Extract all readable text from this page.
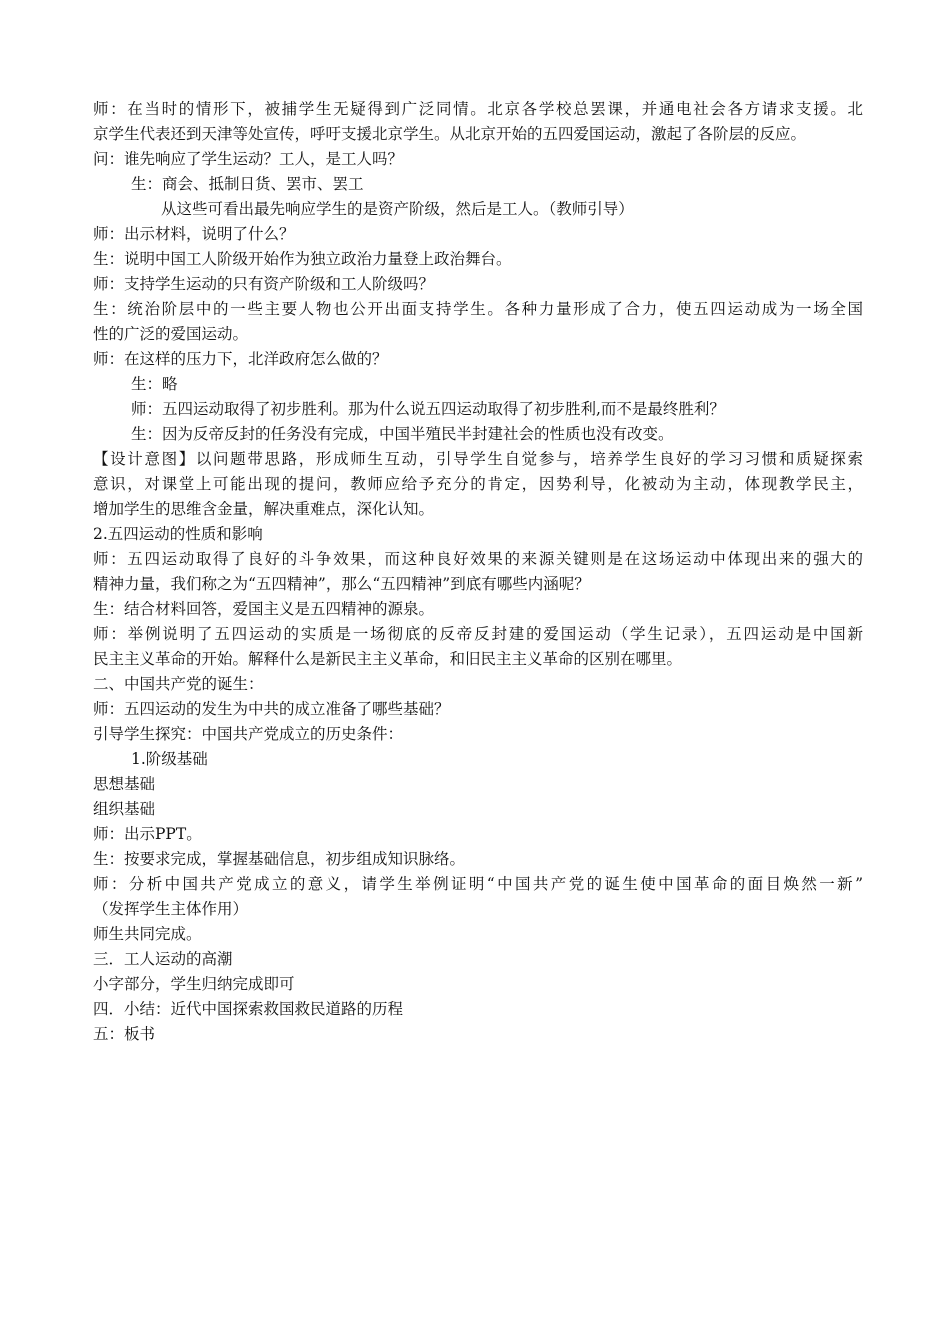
师：在当时的情形下，被捕学生无疑得到广泛同情。北京各学校总罢课，并通电社会各方请求支援。北
京学生代表还到天津等处宣传，呼吁支援北京学生。从北京开始的五四爱国运动，激起了各阶层的反应。
问：谁先响应了学生运动？工人，是工人吗？
生：商会、抵制日货、罢市、罢工
从这些可看出最先响应学生的是资产阶级，然后是工人。（教师引导）
师：出示材料，说明了什么？
生：说明中国工人阶级开始作为独立政治力量登上政治舞台。
师：支持学生运动的只有资产阶级和工人阶级吗？
生：统治阶层中的一些主要人物也公开出面支持学生。各种力量形成了合力，使五四运动成为一场全国
性的广泛的爱国运动。
师：在这样的压力下，北洋政府怎么做的？
生：略
师：五四运动取得了初步胜利。那为什么说五四运动取得了初步胜利,而不是最终胜利？
生：因为反帝反封的任务没有完成，中国半殖民半封建社会的性质也没有改变。
【设计意图】以问题带思路，形成师生互动，引导学生自觉参与，培养学生良好的学习习惯和质疑探索
意识，对课堂上可能出现的提问，教师应给予充分的肯定，因势利导，化被动为主动，体现教学民主，
增加学生的思维含金量，解决重难点，深化认知。
2.五四运动的性质和影响
师：五四运动取得了良好的斗争效果，而这种良好效果的来源关键则是在这场运动中体现出来的强大的
精神力量，我们称之为“五四精神”，那么“五四精神”到底有哪些内涵呢？
生：结合材料回答，爱国主义是五四精神的源泉。
师：举例说明了五四运动的实质是一场彻底的反帝反封建的爱国运动（学生记录），五四运动是中国新
民主主义革命的开始。解释什么是新民主主义革命，和旧民主主义革命的区别在哪里。
二、中国共产党的诞生：
师：五四运动的发生为中共的成立准备了哪些基础？
引导学生探究：中国共产党成立的历史条件：
1.阶级基础
思想基础
组织基础
师：出示PPT。
生：按要求完成，掌握基础信息，初步组成知识脉络。
师：分析中国共产党成立的意义，请学生举例证明“中国共产党的诞生使中国革命的面目焕然一新”
（发挥学生主体作用）
师生共同完成。
三．工人运动的高潮
小字部分，学生归纳完成即可
四．小结：近代中国探索救国救民道路的历程
五：板书
